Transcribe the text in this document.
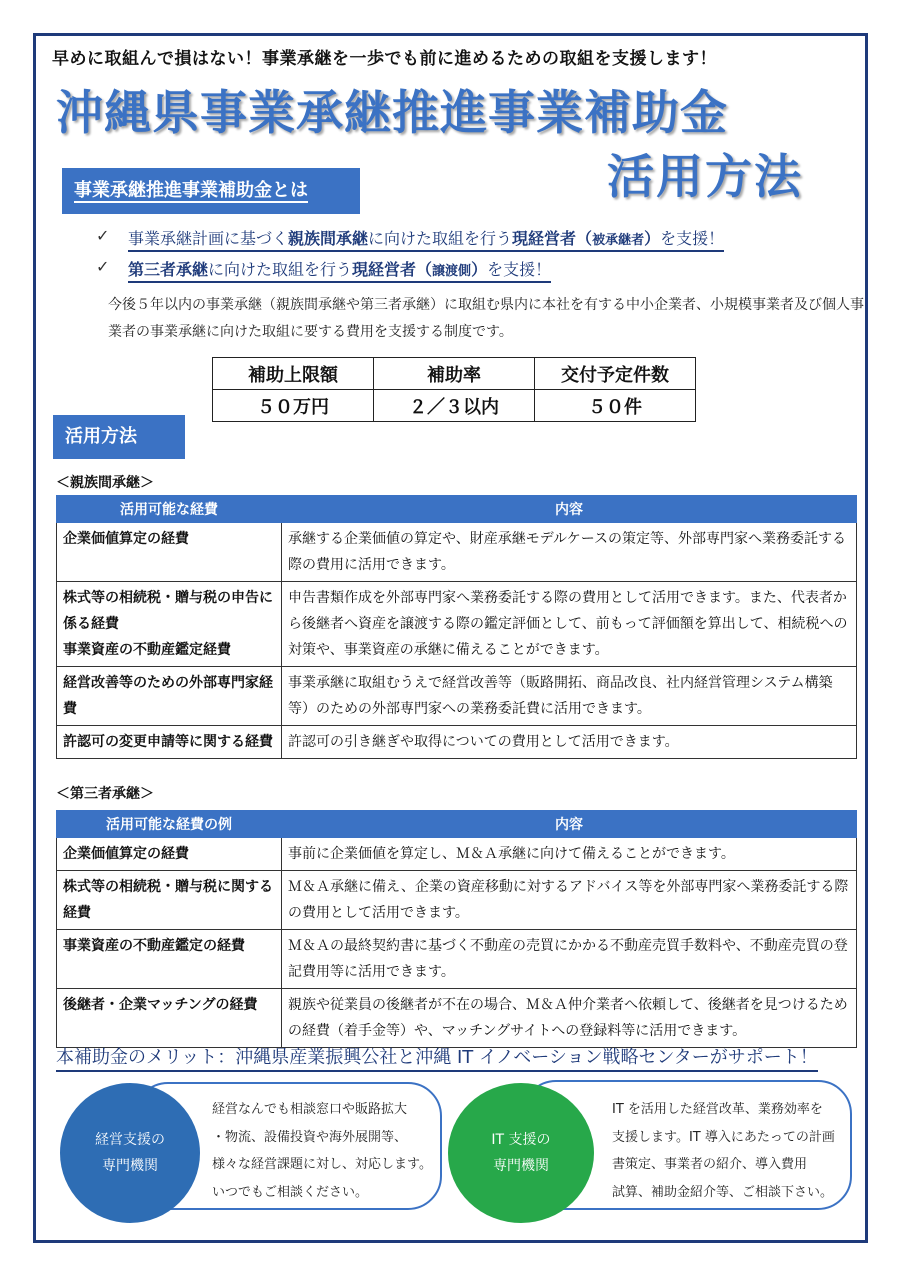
早めに取組んで損はない！事業承継を一歩でも前に進めるための取組を支援します！
沖縄県事業承継推進事業補助金
活用方法
事業承継推進事業補助金とは
✓ 事業承継計画に基づく親族間承継に向けた取組を行う現経営者（被承継者）を支援！
✓ 第三者承継に向けた取組を行う現経営者（譲渡側）を支援！
今後５年以内の事業承継（親族間承継や第三者承継）に取組む県内に本社を有する中小企業者、小規模事業者及び個人事業者の事業承継に向けた取組に要する費用を支援する制度です。
補助上限額	補助率	交付予定件数
５０万円	２／３以内	５０件
活用方法
＜親族間承継＞
活用可能な経費	内容
企業価値算定の経費	承継する企業価値の算定や、財産承継モデルケースの策定等、外部専門家へ業務委託する際の費用に活用できます。
株式等の相続税・贈与税の申告に係る経費
事業資産の不動産鑑定経費	申告書類作成を外部専門家へ業務委託する際の費用として活用できます。また、代表者から後継者へ資産を譲渡する際の鑑定評価として、前もって評価額を算出して、相続税への対策や、事業資産の承継に備えることができます。
経営改善等のための外部専門家経費	事業承継に取組むうえで経営改善等（販路開拓、商品改良、社内経営管理システム構築等）のための外部専門家への業務委託費に活用できます。
許認可の変更申請等に関する経費	許認可の引き継ぎや取得についての費用として活用できます。
＜第三者承継＞
活用可能な経費の例	内容
企業価値算定の経費	事前に企業価値を算定し、Ｍ＆Ａ承継に向けて備えることができます。
株式等の相続税・贈与税に関する経費	Ｍ＆Ａ承継に備え、企業の資産移動に対するアドバイス等を外部専門家へ業務委託する際の費用として活用できます。
事業資産の不動産鑑定の経費	Ｍ＆Ａの最終契約書に基づく不動産の売買にかかる不動産売買手数料や、不動産売買の登記費用等に活用できます。
後継者・企業マッチングの経費	親族や従業員の後継者が不在の場合、Ｍ＆Ａ仲介業者へ依頼して、後継者を見つけるための経費（着手金等）や、マッチングサイトへの登録料等に活用できます。
本補助金のメリット：沖縄県産業振興公社と沖縄 IT イノベーション戦略センターがサポート！
経営支援の
専門機関
経営なんでも相談窓口や販路拡大
・物流、設備投資や海外展開等、
様々な経営課題に対し、対応します。
いつでもご相談ください。
IT 支援の
専門機関
IT を活用した経営改革、業務効率を
支援します。IT 導入にあたっての計画
書策定、事業者の紹介、導入費用
試算、補助金紹介等、ご相談下さい。
